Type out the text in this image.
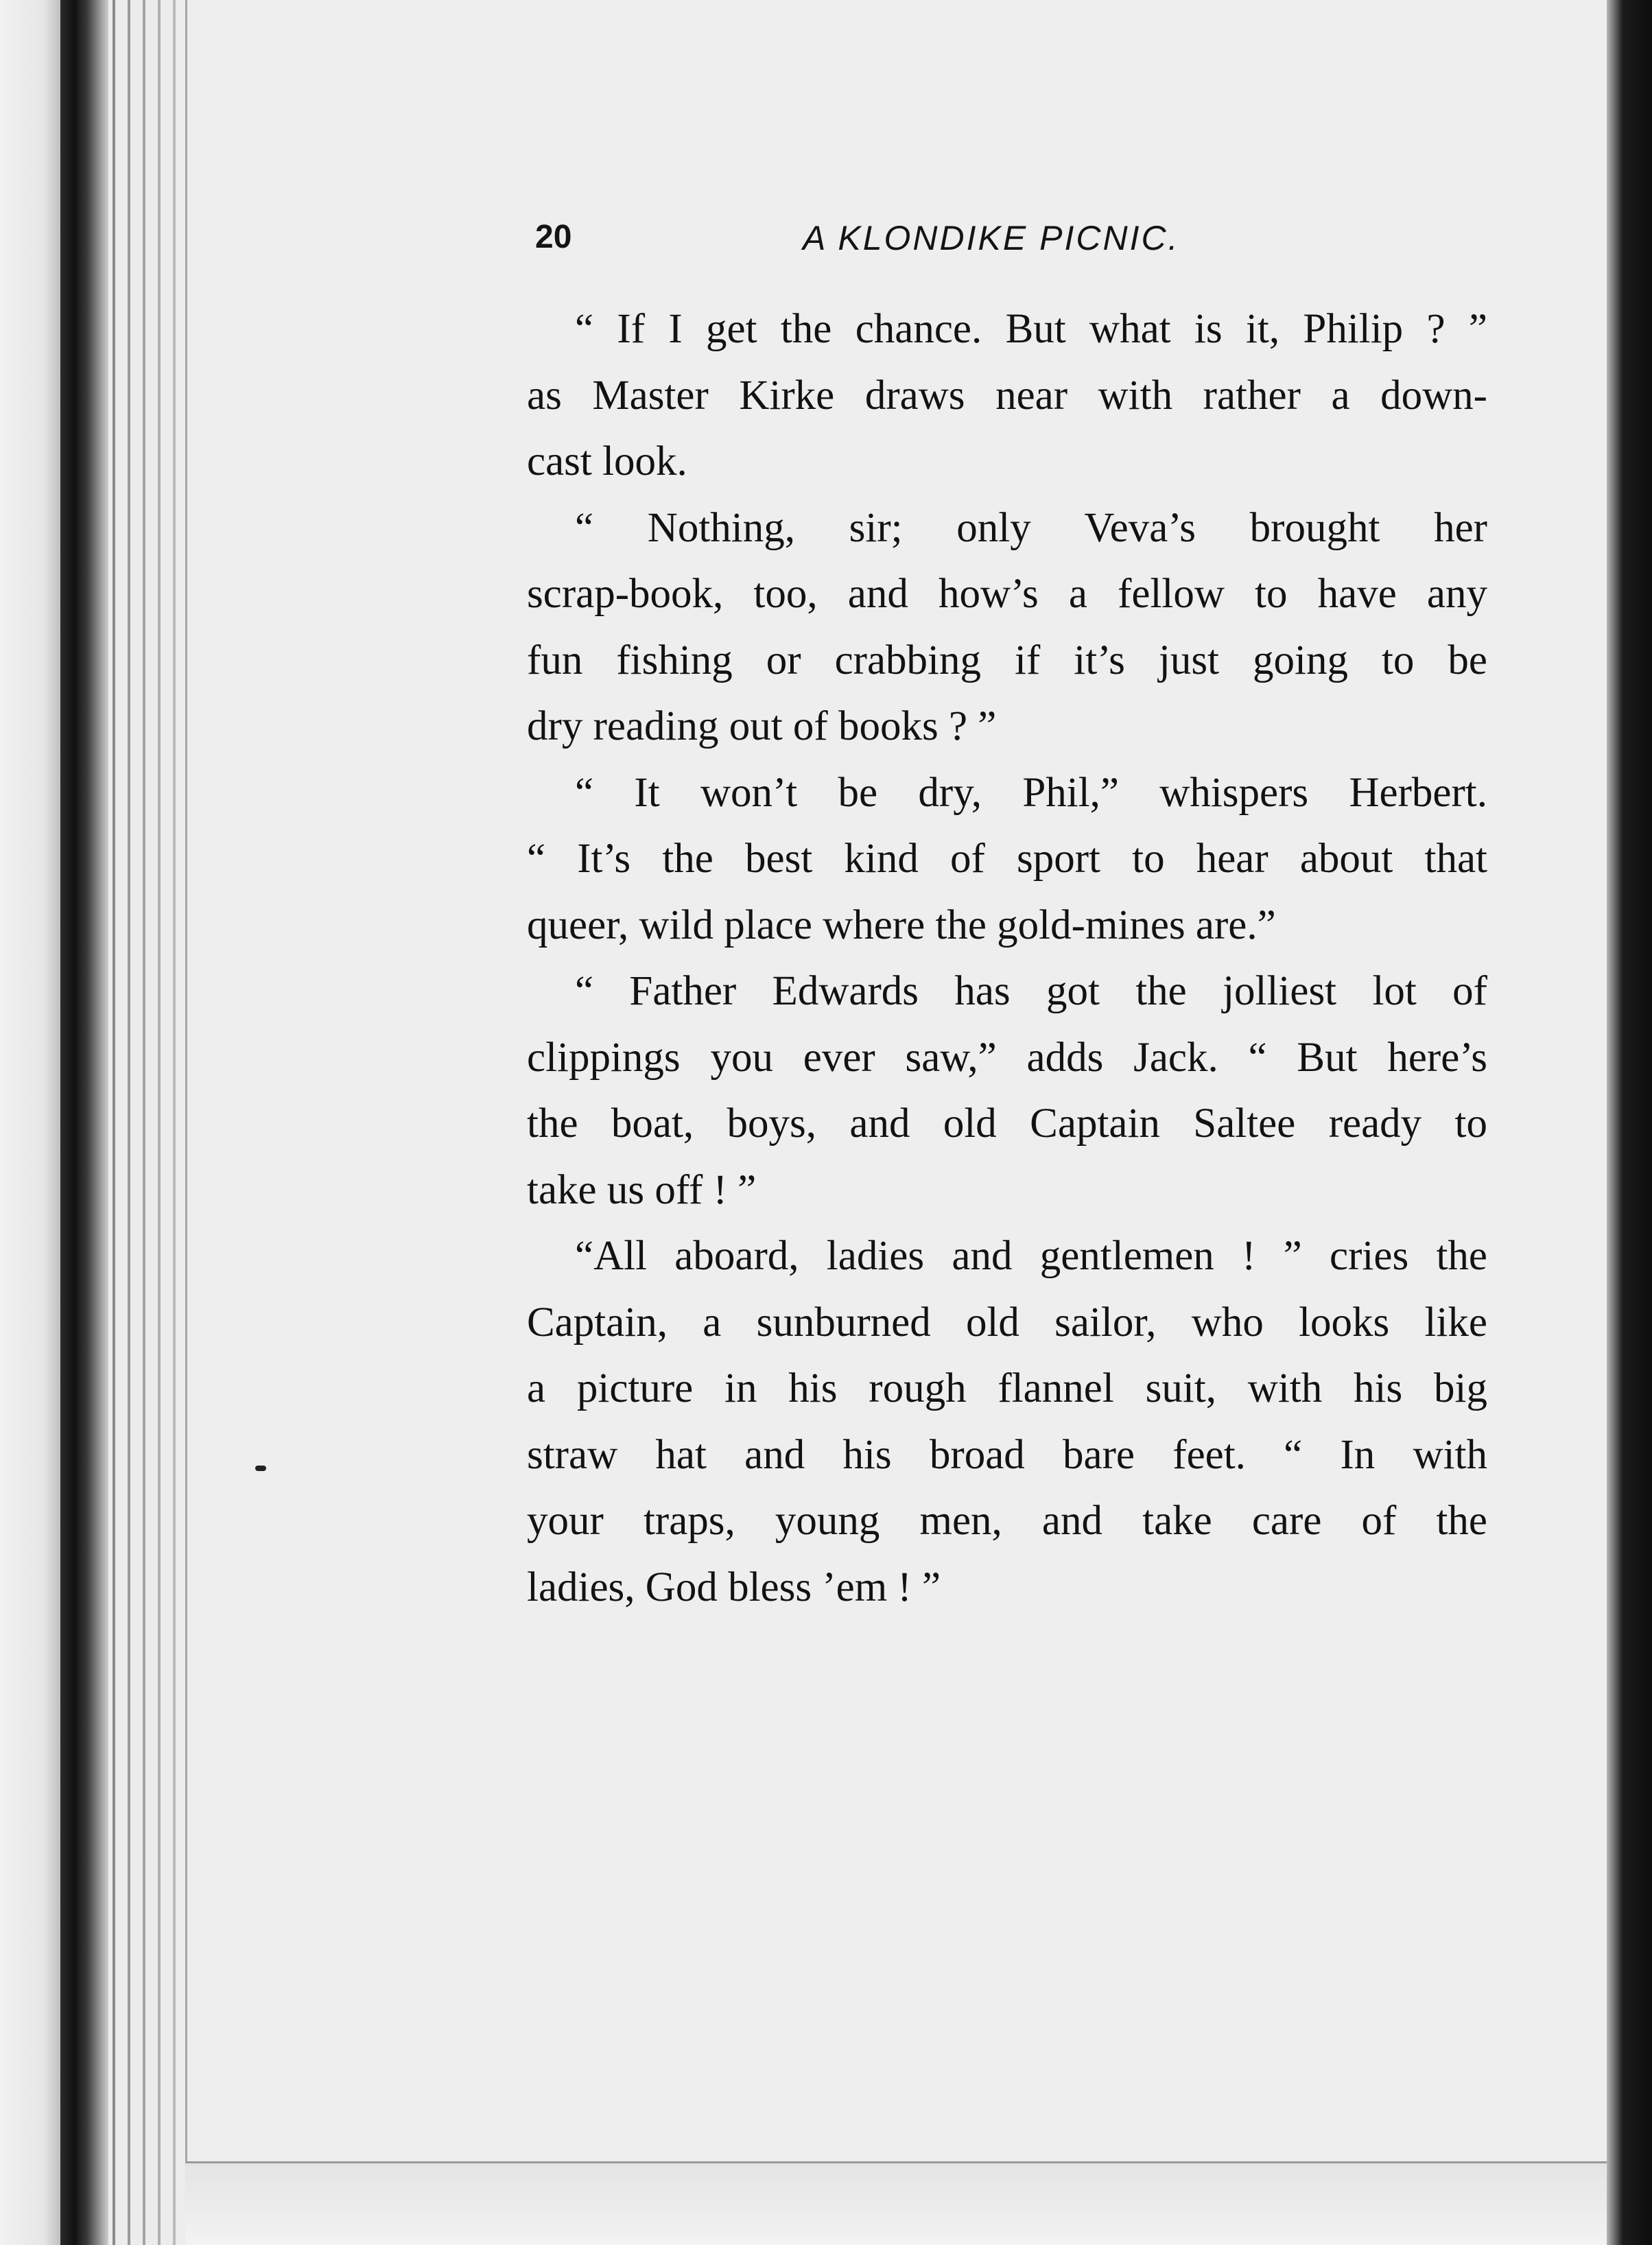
20	A KLONDIKE PICNIC.
“ If I get the chance. But what is it, Philip ? ”
as Master Kirke draws near with rather a down-
cast look.
“ Nothing, sir; only Veva’s brought her
scrap-book, too, and how’s a fellow to have any
fun fishing or crabbing if it’s just going to be
dry reading out of books ? ”
“ It won’t be dry, Phil,” whispers Herbert.
“ It’s the best kind of sport to hear about that
queer, wild place where the gold-mines are.”
“ Father Edwards has got the jolliest lot of
clippings you ever saw,” adds Jack. “ But here’s
the boat, boys, and old Captain Saltee ready to
take us off ! ”
“All aboard, ladies and gentlemen ! ” cries the
Captain, a sunburned old sailor, who looks like
a picture in his rough flannel suit, with his big
straw hat and his broad bare feet. “ In with
your traps, young men, and take care of the
ladies, God bless ’em ! ”
